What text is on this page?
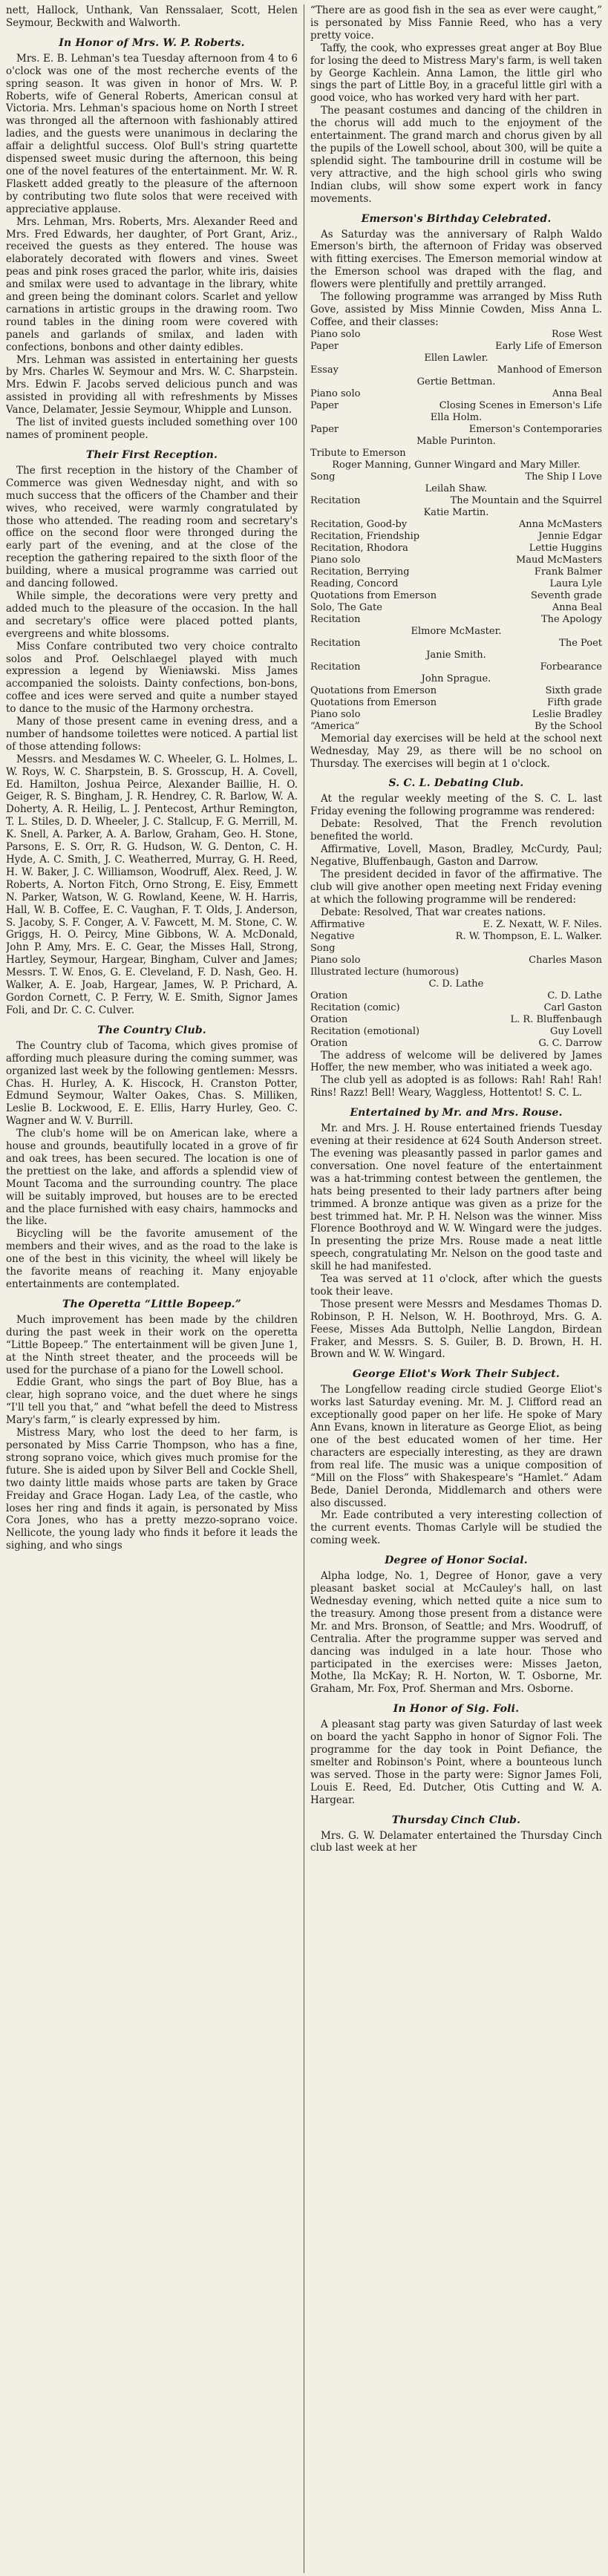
nett, Hallock, Unthank, Van Renssalaer, Scott, Helen Seymour, Beckwith and Walworth.

In Honor of Mrs. W. P. Roberts.

Mrs. E. B. Lehman's tea Tuesday afternoon from 4 to 6 o'clock was one of the most recherche events of the spring season. It was given in honor of Mrs. W. P. Roberts, wife of General Roberts, American consul at Victoria. Mrs. Lehman's spacious home on North I street was thronged all the afternoon with fashionably attired ladies, and the guests were unanimous in declaring the affair a delightful success. Olof Bull's string quartette dispensed sweet music during the afternoon, this being one of the novel features of the entertainment. Mr. W. R. Flaskett added greatly to the pleasure of the afternoon by contributing two flute solos that were received with appreciative applause.

Mrs. Lehman, Mrs. Roberts, Mrs. Alexander Reed and Mrs. Fred Edwards, her daughter, of Port Grant, Ariz., received the guests as they entered. The house was elaborately decorated with flowers and vines. Sweet peas and pink roses graced the parlor, white iris, daisies and smilax were used to advantage in the library, white and green being the dominant colors. Scarlet and yellow carnations in artistic groups in the drawing room. Two round tables in the dining room were covered with panels and garlands of smilax, and laden with confections, bonbons and other dainty edibles.

Mrs. Lehman was assisted in entertaining her guests by Mrs. Charles W. Seymour and Mrs. W. C. Sharpstein. Mrs. Edwin F. Jacobs served delicious punch and was assisted in providing all with refreshments by Misses Vance, Delamater, Jessie Seymour, Whipple and Lunson.

The list of invited guests included something over 100 names of prominent people.

Their First Reception.

The first reception in the history of the Chamber of Commerce was given Wednesday night, and with so much success that the officers of the Chamber and their wives, who received, were warmly congratulated by those who attended. The reading room and secretary's office on the second floor were thronged during the early part of the evening, and at the close of the reception the gathering repaired to the sixth floor of the building, where a musical programme was carried out and dancing followed.

While simple, the decorations were very pretty and added much to the pleasure of the occasion. In the hall and secretary's office were placed potted plants, evergreens and white blossoms.

Miss Confare contributed two very choice contralto solos and Prof. Oelschlaegel played with much expression a legend by Wieniawski. Miss James accompanied the soloists. Dainty confections, bon-bons, coffee and ices were served and quite a number stayed to dance to the music of the Harmony orchestra.

Many of those present came in evening dress, and a number of handsome toilettes were noticed. A partial list of those attending follows:

Messrs. and Mesdames W. C. Wheeler, G. L. Holmes, L. W. Roys, W. C. Sharpstein, B. S. Grosscup, H. A. Covell, Ed. Hamilton, Joshua Peirce, Alexander Baillie, H. O. Geiger, R. S. Bingham, J. R. Hendrey, C. R. Barlow, W. A. Doherty, A. R. Heilig, L. J. Pentecost, Arthur Remington, T. L. Stiles, D. D. Wheeler, J. C. Stallcup, F. G. Merrill, M. K. Snell, A. Parker, A. A. Barlow, Graham, Geo. H. Stone, Parsons, E. S. Orr, R. G. Hudson, W. G. Denton, C. H. Hyde, A. C. Smith, J. C. Weatherred, Murray, G. H. Reed, H. W. Baker, J. C. Williamson, Woodruff, Alex. Reed, J. W. Roberts, A. Norton Fitch, Orno Strong, E. Eisy, Emmett N. Parker, Watson, W. G. Rowland, Keene, W. H. Harris, Hall, W. B. Coffee, E. C. Vaughan, F. T. Olds, J. Anderson, S. Jacoby, S. F. Conger, A. V. Fawcett, M. M. Stone, C. W. Griggs, H. O. Peircy, Mine Gibbons, W. A. McDonald, John P. Amy, Mrs. E. C. Gear, the Misses Hall, Strong, Hartley, Seymour, Hargear, Bingham, Culver and James; Messrs. T. W. Enos, G. E. Cleveland, F. D. Nash, Geo. H. Walker, A. E. Joab, Hargear, James, W. P. Prichard, A. Gordon Cornett, C. P. Ferry, W. E. Smith, Signor James Foli, and Dr. C. C. Culver.

The Country Club.

The Country club of Tacoma, which gives promise of affording much pleasure during the coming summer, was organized last week by the following gentlemen: Messrs. Chas. H. Hurley, A. K. Hiscock, H. Cranston Potter, Edmund Seymour, Walter Oakes, Chas. S. Milliken, Leslie B. Lockwood, E. E. Ellis, Harry Hurley, Geo. C. Wagner and W. V. Burrill.

The club's home will be on American lake, where a house and grounds, beautifully located in a grove of fir and oak trees, has been secured. The location is one of the prettiest on the lake, and affords a splendid view of Mount Tacoma and the surrounding country. The place will be suitably improved, but houses are to be erected and the place furnished with easy chairs, hammocks and the like.

Bicycling will be the favorite amusement of the members and their wives, and as the road to the lake is one of the best in this vicinity, the wheel will likely be the favorite means of reaching it. Many enjoyable entertainments are contemplated.

The Operetta “Little Bopeep.”

Much improvement has been made by the children during the past week in their work on the operetta “Little Bopeep.” The entertainment will be given June 1, at the Ninth street theater, and the proceeds will be used for the purchase of a piano for the Lowell school.

Eddie Grant, who sings the part of Boy Blue, has a clear, high soprano voice, and the duet where he sings “I'll tell you that,” and “what befell the deed to Mistress Mary's farm,” is clearly expressed by him.

Mistress Mary, who lost the deed to her farm, is personated by Miss Carrie Thompson, who has a fine, strong soprano voice, which gives much promise for the future. She is aided upon by Silver Bell and Cockle Shell, two dainty little maids whose parts are taken by Grace Freiday and Grace Hogan. Lady Lea, of the castle, who loses her ring and finds it again, is personated by Miss Cora Jones, who has a pretty mezzo-soprano voice. Nellicote, the young lady who finds it before it leads the sighing, and who sings

“There are as good fish in the sea as ever were caught,” is personated by Miss Fannie Reed, who has a very pretty voice.

Taffy, the cook, who expresses great anger at Boy Blue for losing the deed to Mistress Mary's farm, is well taken by George Kachlein. Anna Lamon, the little girl who sings the part of Little Boy, in a graceful little girl with a good voice, who has worked very hard with her part.

The peasant costumes and dancing of the children in the chorus will add much to the enjoyment of the entertainment. The grand march and chorus given by all the pupils of the Lowell school, about 300, will be quite a splendid sight. The tambourine drill in costume will be very attractive, and the high school girls who swing Indian clubs, will show some expert work in fancy movements.

Emerson's Birthday Celebrated.

As Saturday was the anniversary of Ralph Waldo Emerson's birth, the afternoon of Friday was observed with fitting exercises. The Emerson memorial window at the Emerson school was draped with the flag, and flowers were plentifully and prettily arranged.

The following programme was arranged by Miss Ruth Gove, assisted by Miss Minnie Cowden, Miss Anna L. Coffee, and their classes:

Piano solo	Rose West
Paper	Early Life of Emerson
Ellen Lawler.
Essay	Manhood of Emerson
Gertie Bettman.
Piano solo	Anna Beal
Paper	Closing Scenes in Emerson's Life
Ella Holm.
Paper	Emerson's Contemporaries
Mable Purinton.
Tribute to Emerson
Roger Manning, Gunner Wingard and Mary Miller.
Song	The Ship I Love
Leilah Shaw.
Recitation	The Mountain and the Squirrel
Katie Martin.
Recitation, Good-by	Anna McMasters
Recitation, Friendship	Jennie Edgar
Recitation, Rhodora	Lettie Huggins
Piano solo	Maud McMasters
Recitation, Berrying	Frank Balmer
Reading, Concord	Laura Lyle
Quotations from Emerson	Seventh grade
Solo, The Gate	Anna Beal
Recitation	The Apology
Elmore McMaster.
Recitation	The Poet
Janie Smith.
Recitation	Forbearance
John Sprague.
Quotations from Emerson	Sixth grade
Quotations from Emerson	Fifth grade
Piano solo	Leslie Bradley
“America”	By the School

Memorial day exercises will be held at the school next Wednesday, May 29, as there will be no school on Thursday. The exercises will begin at 1 o'clock.

S. C. L. Debating Club.

At the regular weekly meeting of the S. C. L. last Friday evening the following programme was rendered:

Debate: Resolved, That the French revolution benefited the world.

Affirmative, Lovell, Mason, Bradley, McCurdy, Paul; Negative, Bluffenbaugh, Gaston and Darrow.

The president decided in favor of the affirmative. The club will give another open meeting next Friday evening at which the following programme will be rendered:

Debate: Resolved, That war creates nations.

Affirmative	E. Z. Nexatt, W. F. Niles.
Negative	R. W. Thompson, E. L. Walker.
Song
Piano solo	Charles Mason
Illustrated lecture (humorous)
C. D. Lathe
Oration	C. D. Lathe
Recitation (comic)	Carl Gaston
Oration	L. R. Bluffenbaugh
Recitation (emotional)	Guy Lovell
Oration	G. C. Darrow

The address of welcome will be delivered by James Hoffer, the new member, who was initiated a week ago.

The club yell as adopted is as follows: Rah! Rah! Rah! Rins! Razz! Bell! Weary, Waggless, Hottentot! S. C. L.

Entertained by Mr. and Mrs. Rouse.

Mr. and Mrs. J. H. Rouse entertained friends Tuesday evening at their residence at 624 South Anderson street. The evening was pleasantly passed in parlor games and conversation. One novel feature of the entertainment was a hat-trimming contest between the gentlemen, the hats being presented to their lady partners after being trimmed. A bronze antique was given as a prize for the best trimmed hat. Mr. P. H. Nelson was the winner. Miss Florence Boothroyd and W. W. Wingard were the judges. In presenting the prize Mrs. Rouse made a neat little speech, congratulating Mr. Nelson on the good taste and skill he had manifested.

Tea was served at 11 o'clock, after which the guests took their leave.

Those present were Messrs and Mesdames Thomas D. Robinson, P. H. Nelson, W. H. Boothroyd, Mrs. G. A. Feese, Misses Ada Buttolph, Nellie Langdon, Birdean Fraker, and Messrs. S. S. Guiler, B. D. Brown, H. H. Brown and W. W. Wingard.

George Eliot's Work Their Subject.

The Longfellow reading circle studied George Eliot's works last Saturday evening. Mr. M. J. Clifford read an exceptionally good paper on her life. He spoke of Mary Ann Evans, known in literature as George Eliot, as being one of the best educated women of her time. Her characters are especially interesting, as they are drawn from real life. The music was a unique composition of “Mill on the Floss” with Shakespeare's “Hamlet.” Adam Bede, Daniel Deronda, Middlemarch and others were also discussed.

Mr. Eade contributed a very interesting collection of the current events. Thomas Carlyle will be studied the coming week.

Degree of Honor Social.

Alpha lodge, No. 1, Degree of Honor, gave a very pleasant basket social at McCauley's hall, on last Wednesday evening, which netted quite a nice sum to the treasury. Among those present from a distance were Mr. and Mrs. Bronson, of Seattle; and Mrs. Woodruff, of Centralia. After the programme supper was served and dancing was indulged in a late hour. Those who participated in the exercises were: Misses Jaeton, Mothe, Ila McKay; R. H. Norton, W. T. Osborne, Mr. Graham, Mr. Fox, Prof. Sherman and Mrs. Osborne.

In Honor of Sig. Foli.

A pleasant stag party was given Saturday of last week on board the yacht Sappho in honor of Signor Foli. The programme for the day took in Point Defiance, the smelter and Robinson's Point, where a bounteous lunch was served. Those in the party were: Signor James Foli, Louis E. Reed, Ed. Dutcher, Otis Cutting and W. A. Hargear.

Thursday Cinch Club.

Mrs. G. W. Delamater entertained the Thursday Cinch club last week at her
